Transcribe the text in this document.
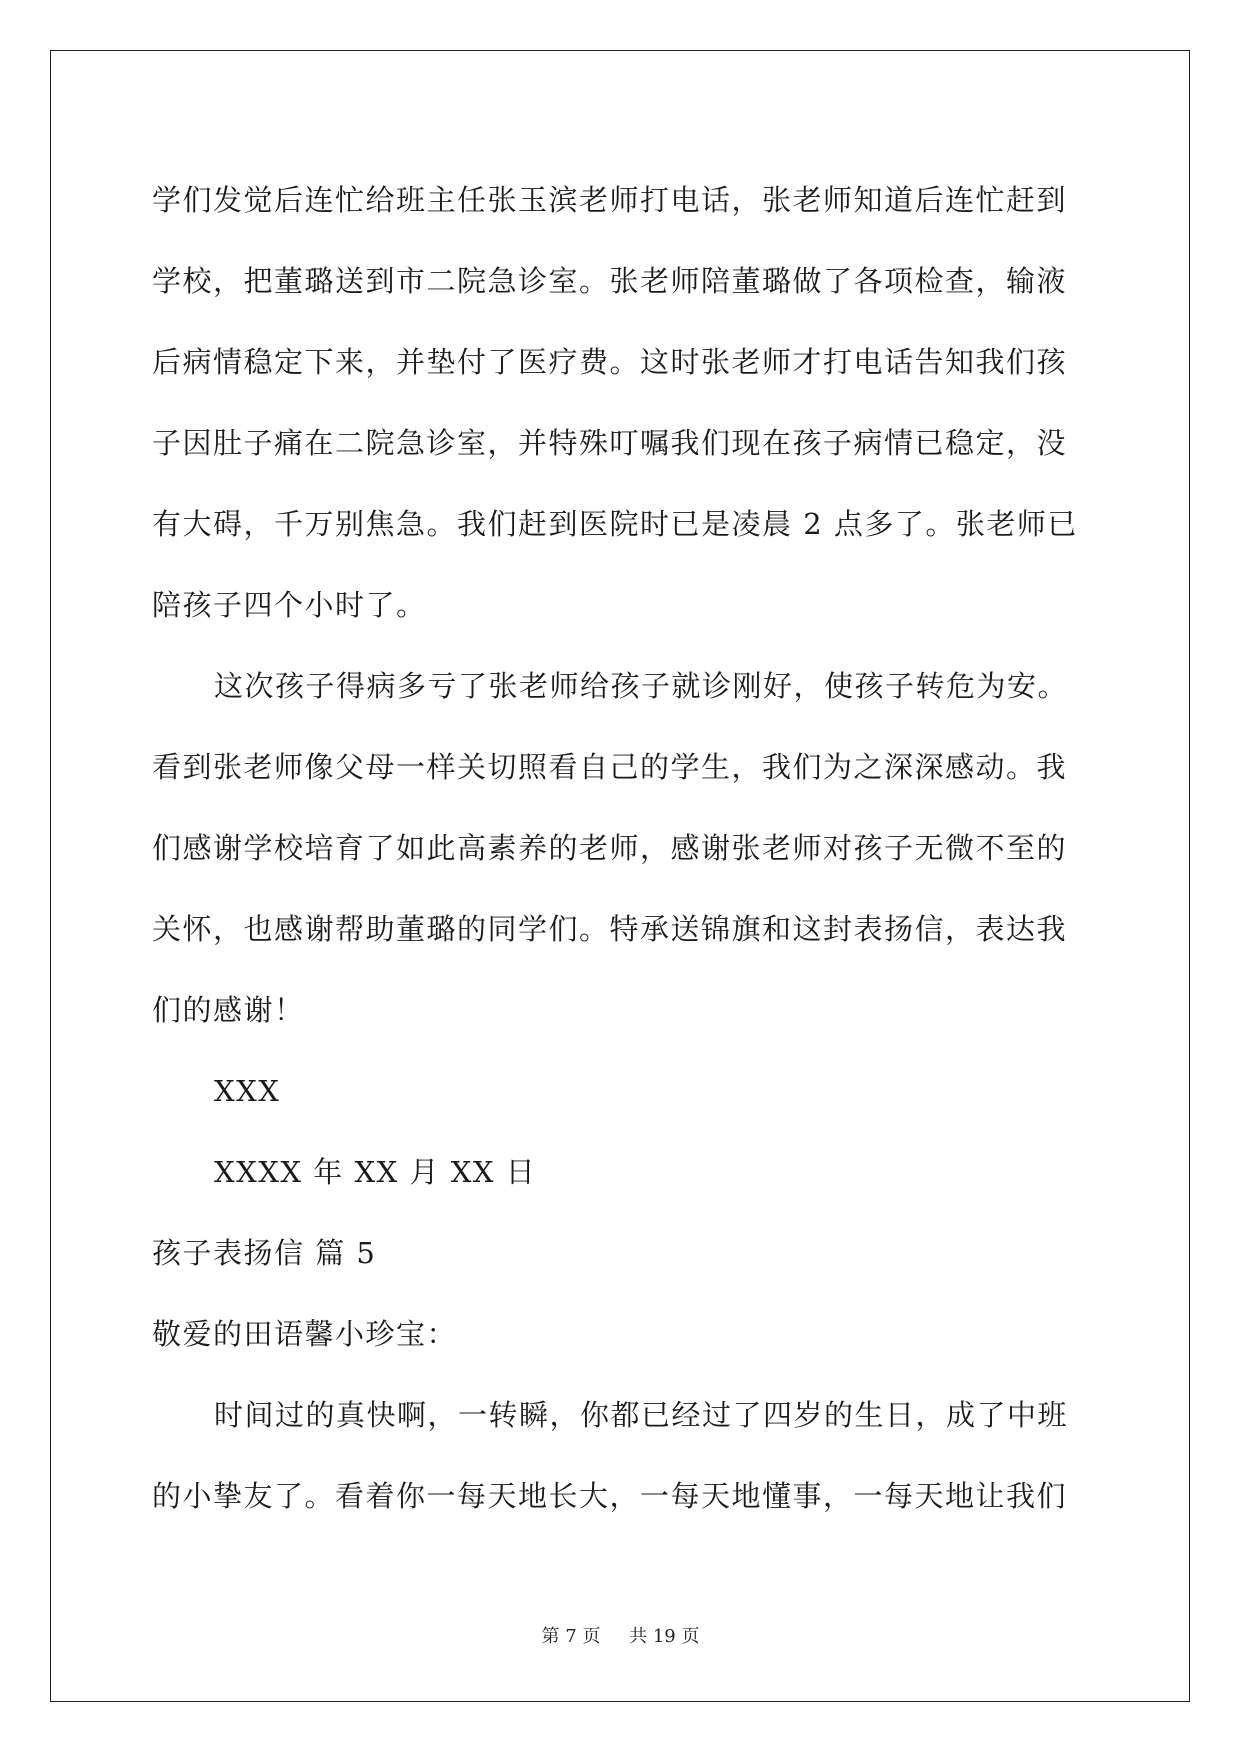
学们发觉后连忙给班主任张玉滨老师打电话，张老师知道后连忙赶到
学校，把董璐送到市二院急诊室。张老师陪董璐做了各项检查，输液
后病情稳定下来，并垫付了医疗费。这时张老师才打电话告知我们孩
子因肚子痛在二院急诊室，并特殊叮嘱我们现在孩子病情已稳定，没
有大碍，千万别焦急。我们赶到医院时已是凌晨 2 点多了。张老师已
陪孩子四个小时了。
这次孩子得病多亏了张老师给孩子就诊刚好，使孩子转危为安。
看到张老师像父母一样关切照看自己的学生，我们为之深深感动。我
们感谢学校培育了如此高素养的老师，感谢张老师对孩子无微不至的
关怀，也感谢帮助董璐的同学们。特承送锦旗和这封表扬信，表达我
们的感谢！
XXX
XXXX 年 XX 月 XX 日
孩子表扬信 篇 5
敬爱的田语馨小珍宝：
时间过的真快啊，一转瞬，你都已经过了四岁的生日，成了中班
的小挚友了。看着你一每天地长大，一每天地懂事，一每天地让我们
第 7 页 共 19 页
